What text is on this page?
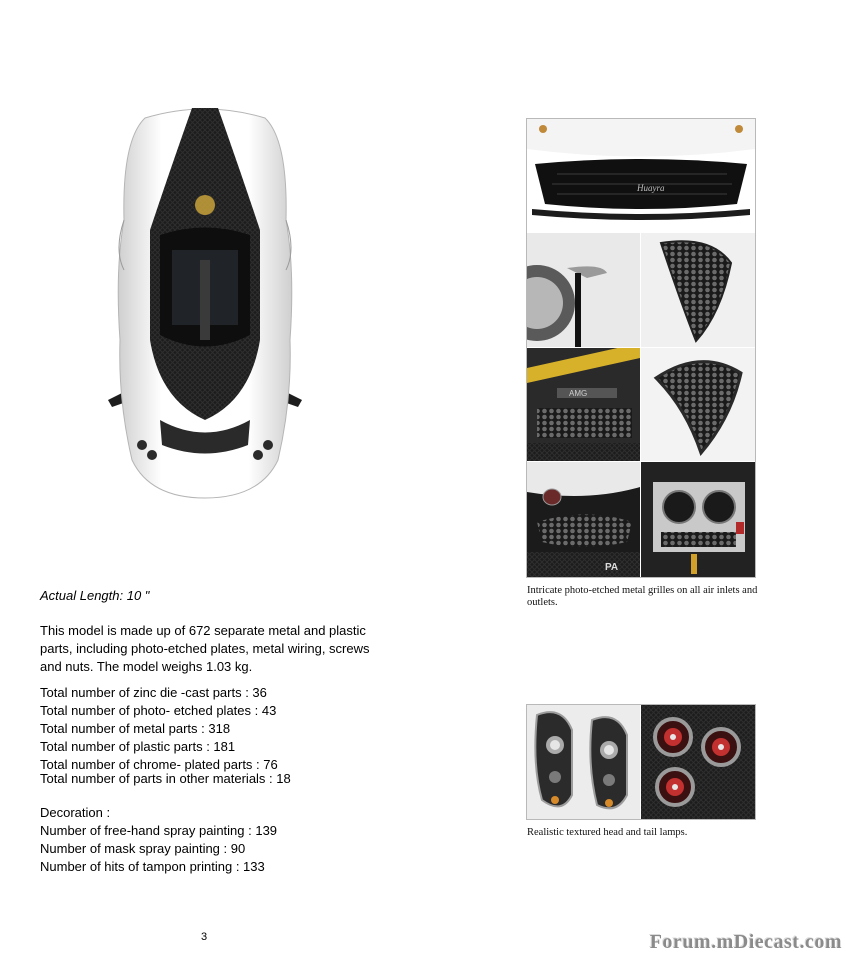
Huayra
AMG
PA
Intricate photo-etched metal grilles on all air inlets and outlets.
Realistic textured head and tail lamps.
Actual Length: 10 "
This model is made up of 672 separate metal and plastic parts, including photo-etched plates, metal wiring, screws and nuts. The model weighs 1.03 kg.
Total number of zinc die -cast parts : 36
Total number of photo- etched plates : 43
Total number of metal parts : 318
Total number of plastic parts : 181
Total number of chrome- plated parts : 76
Total number of parts in other materials : 18
Decoration :
Number of free-hand spray painting : 139
Number of mask spray painting : 90
Number of hits of tampon printing : 133
3	Forum.mDiecast.com
